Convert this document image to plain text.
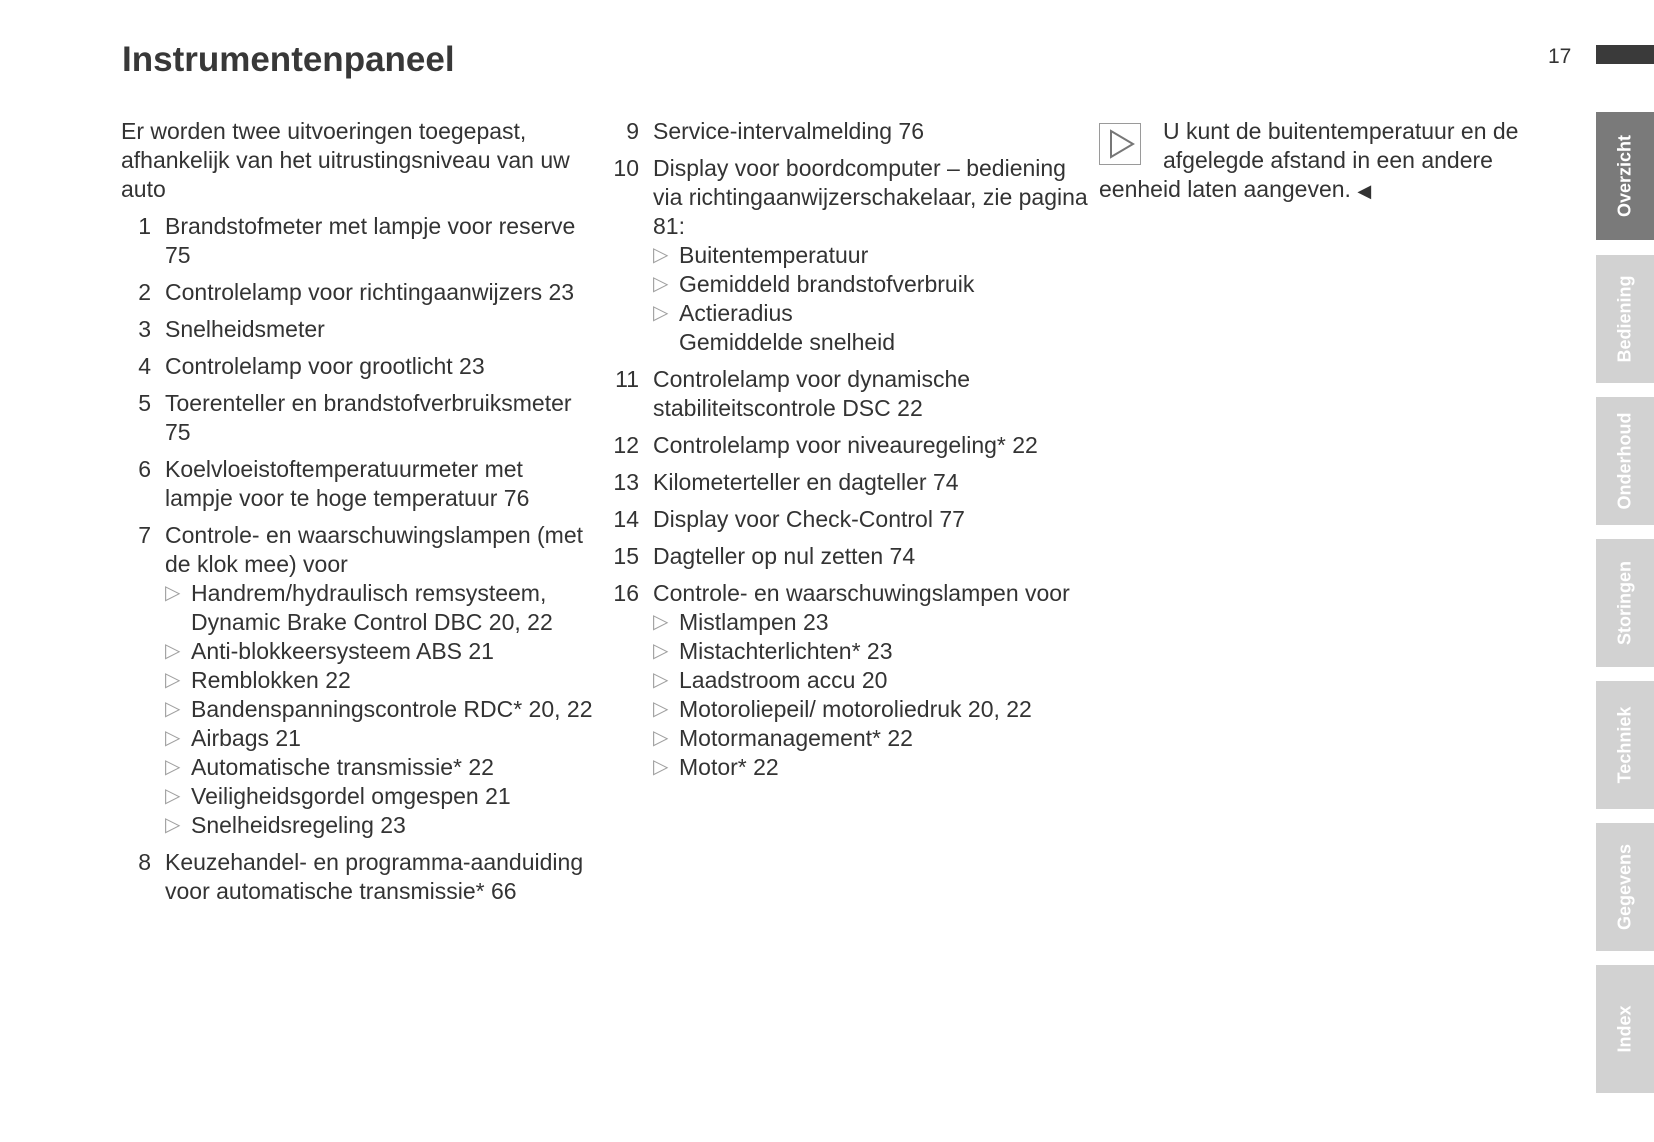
Instrumentenpaneel	17

Er worden twee uitvoeringen toegepast, afhankelijk van het uitrustingsniveau van uw auto

1 Brandstofmeter met lampje voor reserve 75
2 Controlelamp voor richtingaanwijzers 23
3 Snelheidsmeter
4 Controlelamp voor grootlicht 23
5 Toerenteller en brandstofverbruiksmeter 75
6 Koelvloeistoftemperatuurmeter met lampje voor te hoge temperatuur 76
7 Controle- en waarschuwingslampen (met de klok mee) voor
▷ Handrem/hydraulisch remsysteem, Dynamic Brake Control DBC 20, 22
▷ Anti-blokkeersysteem ABS 21
▷ Remblokken 22
▷ Bandenspanningscontrole RDC* 20, 22
▷ Airbags 21
▷ Automatische transmissie* 22
▷ Veiligheidsgordel omgespen 21
▷ Snelheidsregeling 23
8 Keuzehandel- en programma-aanduiding voor automatische transmissie* 66
9 Service-intervalmelding 76
10 Display voor boordcomputer – bediening via richtingaanwijzerschakelaar, zie pagina 81:
▷ Buitentemperatuur
▷ Gemiddeld brandstofverbruik
▷ Actieradius
Gemiddelde snelheid
11 Controlelamp voor dynamische stabiliteitscontrole DSC 22
12 Controlelamp voor niveauregeling* 22
13 Kilometerteller en dagteller 74
14 Display voor Check-Control 77
15 Dagteller op nul zetten 74
16 Controle- en waarschuwingslampen voor
▷ Mistlampen 23
▷ Mistachterlichten* 23
▷ Laadstroom accu 20
▷ Motoroliepeil/ motoroliedruk 20, 22
▷ Motormanagement* 22
▷ Motor* 22
U kunt de buitentemperatuur en de afgelegde afstand in een andere eenheid laten aangeven. ◀	Overzicht
Bediening
Onderhoud
Storingen
Techniek
Gegevens
Index
